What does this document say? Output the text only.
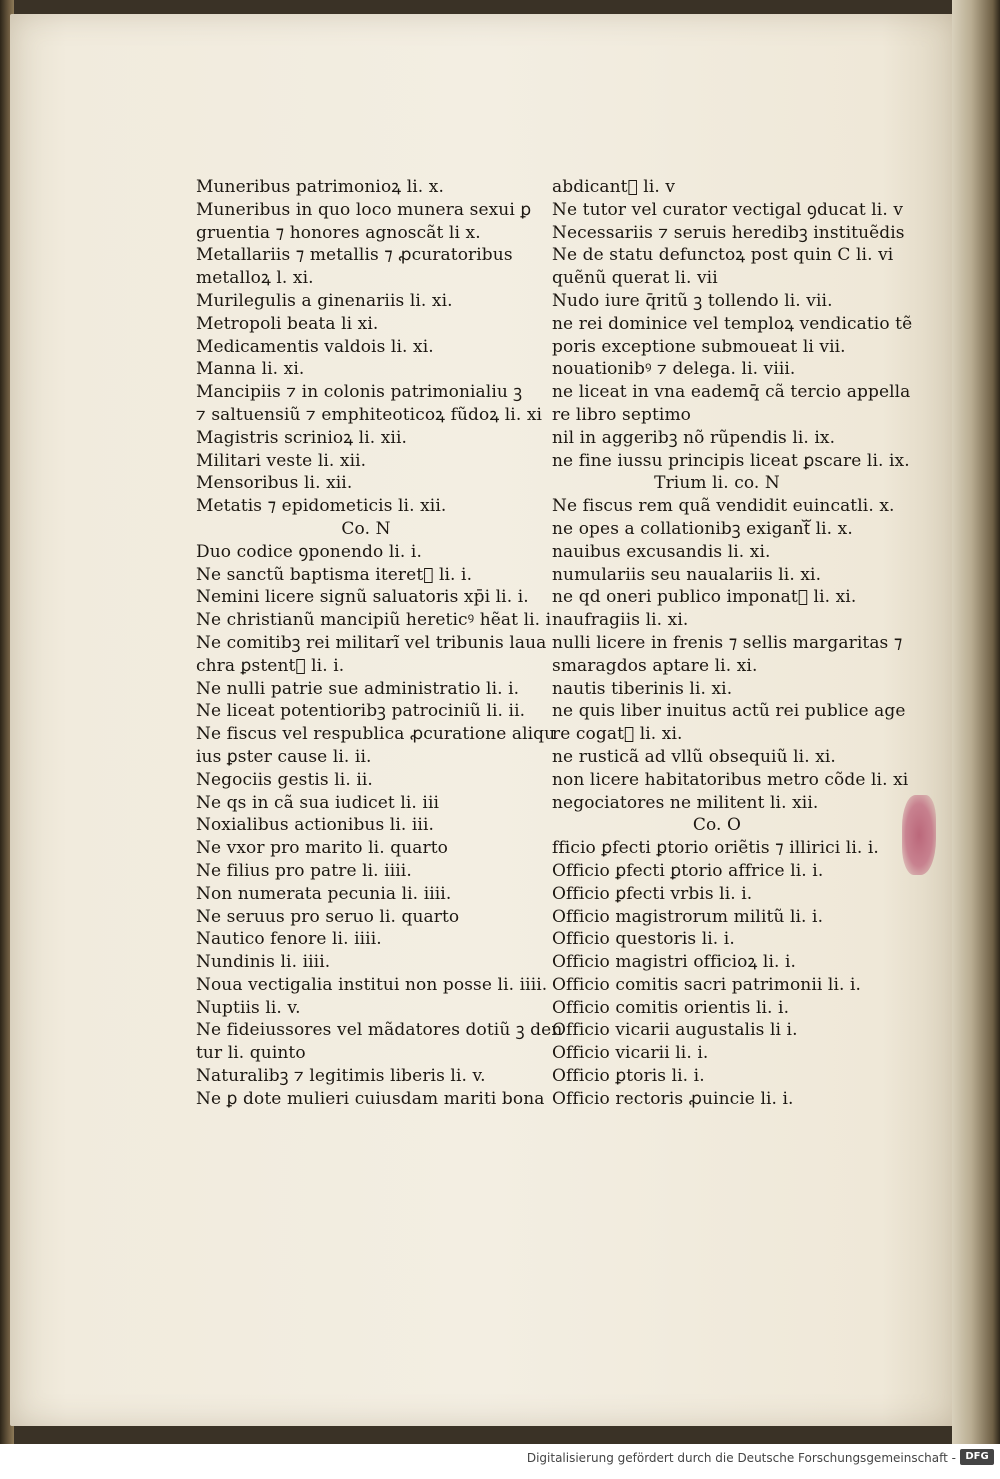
Muneribus patrimonioꝝ li. x.
Muneribus in quo loco munera sexui ꝑ
gruentia ⁊ honores agnoscãt li x.
Metallariis ⁊ metallis ⁊ ꝓcuratoribus
metalloꝝ l. xi.
Murilegulis a ginenariis li. xi.
Metropoli beata li xi.
Medicamentis valdois li. xi.
Manna li. xi.
Mancipiis ⁊ in colonis patrimonialiu ꝫ
⁊ saltuensiũ ⁊ emphiteoticoꝝ fũdoꝝ li. xi
Magistris scrinioꝝ li. xii.
Militari veste li. xii.
Mensoribus li. xii.
Metatis ⁊ epidometicis li. xii.
Co. N
Duo codice ꝯponendo li. i.
Ne sanctũ baptisma iteretᷓ li. i.
Nemini licere signũ saluatoris xp̄i li. i.
Ne christianũ mancipiũ hereticꝰ hẽat li. i
Ne comitibꝫ rei militarĩ vel tribunis laua
chra ꝑstentᷓ li. i.
Ne nulli patrie sue administratio li. i.
Ne liceat potentioribꝫ patrociniũ li. ii.
Ne fiscus vel respublica ꝓcuratione aliqu
ius ꝑster cause li. ii.
Negociis gestis li. ii.
Ne qs in cã sua iudicet li. iii
Noxialibus actionibus li. iii.
Ne vxor pro marito li. quarto
Ne filius pro patre li. iiii.
Non numerata pecunia li. iiii.
Ne seruus pro seruo li. quarto
Nautico fenore li. iiii.
Nundinis li. iiii.
Noua vectigalia institui non posse li. iiii.
Nuptiis li. v.
Ne fideiussores vel mãdatores dotiũ ꝫ den
tur li. quinto
Naturalibꝫ ⁊ legitimis liberis li. v.
Ne ꝑ dote mulieri cuiusdam mariti bona
abdicantᷓ li. v
Ne tutor vel curator vectigal ꝯducat li. v
Necessariis ⁊ seruis heredibꝫ instituẽdis
Ne de statu defunctoꝝ post quin C li. vi
quẽnũ querat li. vii
Nudo iure q̄ritũ ꝫ tollendo li. vii.
ne rei dominice vel temploꝝ vendicatio tẽ
poris exceptione submoueat li vii.
nouationibꝰ ⁊ delega. li. viii.
ne liceat in vna eademq̄ cã tercio appella
re libro septimo
nil in aggeribꝫ nõ rũpendis li. ix.
ne fine iussu principis liceat ꝑscare li. ix.
Trium li. co. N
Ne fiscus rem quã vendidit euincatli. x.
ne opes a collationibꝫ exigantᷓ li. x.
nauibus excusandis li. xi.
numulariis seu naualariis li. xi.
ne qd oneri publico imponatᷓ li. xi.
naufragiis li. xi.
nulli licere in frenis ⁊ sellis margaritas ⁊
smaragdos aptare li. xi.
nautis tiberinis li. xi.
ne quis liber inuitus actũ rei publice age
re cogatᷓ li. xi.
ne rusticã ad vllũ obsequiũ li. xi.
non licere habitatoribus metro cõde li. xi
negociatores ne militent li. xii.
Co. O
fficio ꝑfecti ꝑtorio oriẽtis ⁊ illirici li. i.
Officio ꝑfecti ꝑtorio affrice li. i.
Officio ꝑfecti vrbis li. i.
Officio magistrorum militũ li. i.
Officio questoris li. i.
Officio magistri officioꝝ li. i.
Officio comitis sacri patrimonii li. i.
Officio comitis orientis li. i.
Officio vicarii augustalis li i.
Officio vicarii li. i.
Officio ꝑtoris li. i.
Officio rectoris ꝓuincie li. i.
Digitalisierung gefördert durch die Deutsche Forschungsgemeinschaft - DFG
